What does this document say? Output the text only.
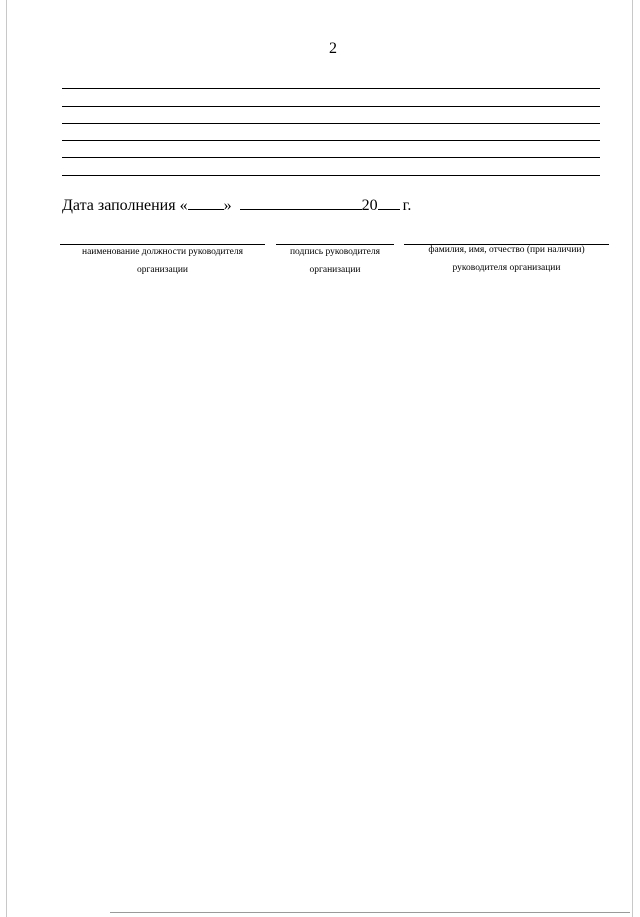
2
Дата заполнения « »	20 г.
наименование должности руководителя
организации
подпись руководителя
организации
фамилия, имя, отчество (при наличии)
руководителя организации
